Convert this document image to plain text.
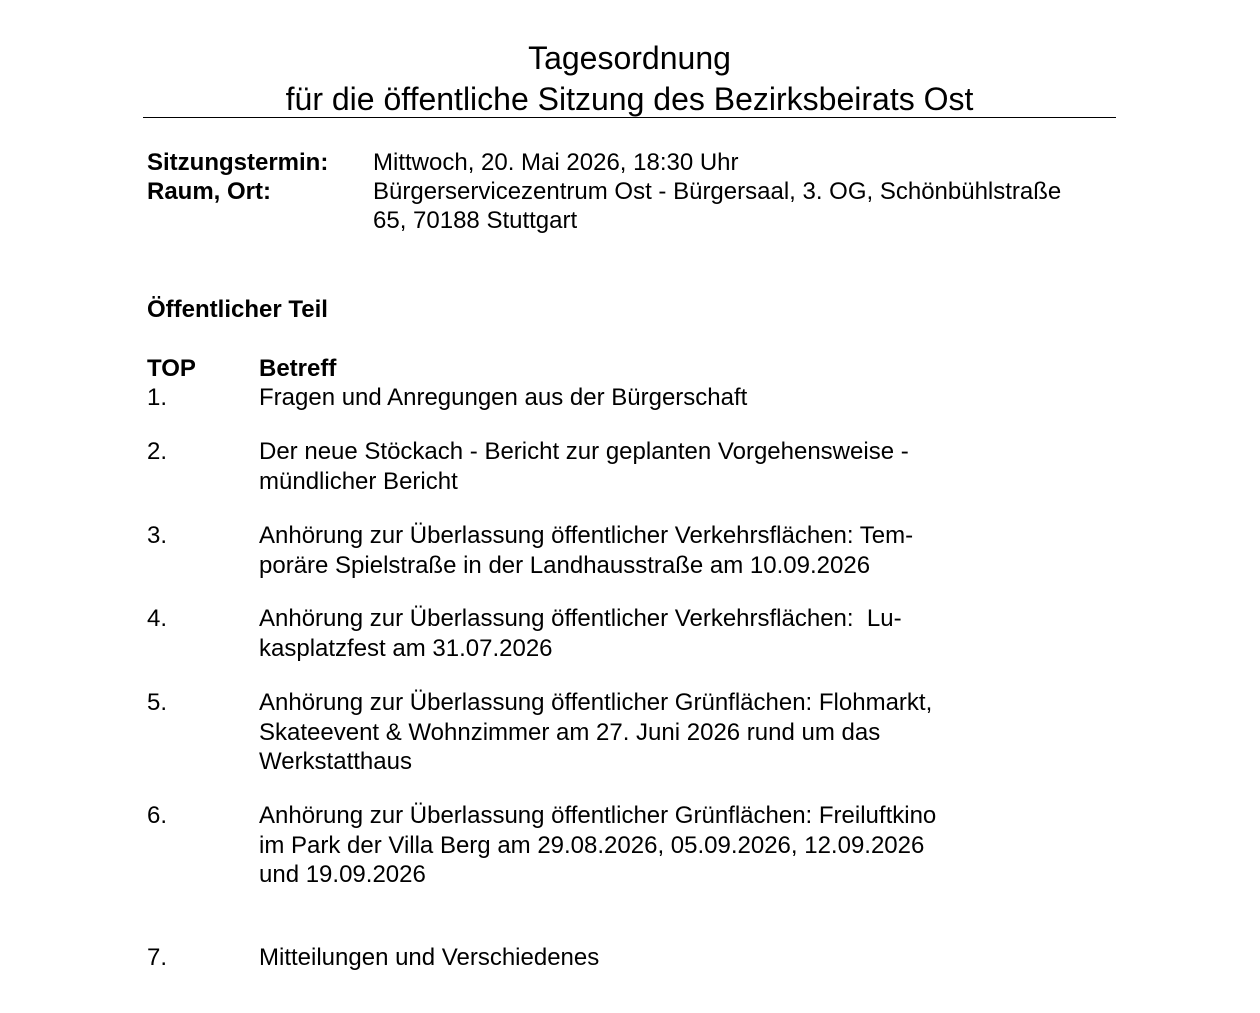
Tagesordnung
für die öffentliche Sitzung des Bezirksbeirats Ost
Sitzungstermin: Mittwoch, 20. Mai 2026, 18:30 Uhr
Raum, Ort:	Bürgerservicezentrum Ost - Bürgersaal, 3. OG, Schönbühlstraße
65, 70188 Stuttgart
Öffentlicher Teil
TOP	Betreff
1.	Fragen und Anregungen aus der Bürgerschaft
2.	Der neue Stöckach - Bericht zur geplanten Vorgehensweise -
mündlicher Bericht
3.	Anhörung zur Überlassung öffentlicher Verkehrsflächen: Tem-
poräre Spielstraße in der Landhausstraße am 10.09.2026
4.	Anhörung zur Überlassung öffentlicher Verkehrsflächen:  Lu-
kasplatzfest am 31.07.2026
5.	Anhörung zur Überlassung öffentlicher Grünflächen: Flohmarkt,
Skateevent & Wohnzimmer am 27. Juni 2026 rund um das
Werkstatthaus
6.	Anhörung zur Überlassung öffentlicher Grünflächen: Freiluftkino
im Park der Villa Berg am 29.08.2026, 05.09.2026, 12.09.2026
und 19.09.2026
7.	Mitteilungen und Verschiedenes
